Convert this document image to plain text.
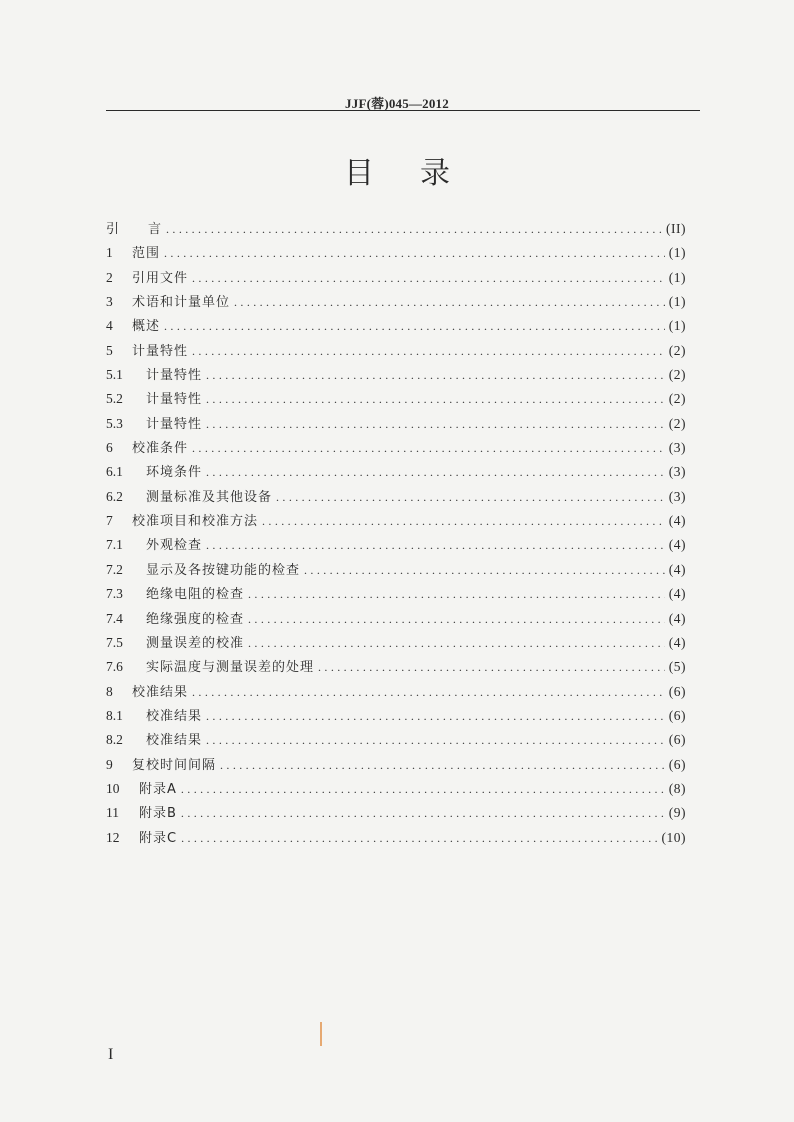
JJF(蓉)045—2012
目 录
引　　言 .....	(II)
1	范围 .....	(1)
2	引用文件 .....	(1)
3	术语和计量单位 .....	(1)
4	概述 .....	(1)
5	计量特性 .....	(2)
5.1	计量特性 .....	(2)
5.2	计量特性 .....	(2)
5.3	计量特性 .....	(2)
6	校准条件 .....	(3)
6.1	环境条件 .....	(3)
6.2	测量标准及其他设备 .....	(3)
7	校准项目和校准方法 .....	(4)
7.1	外观检查 .....	(4)
7.2	显示及各按键功能的检查 .....	(4)
7.3	绝缘电阻的检查 .....	(4)
7.4	绝缘强度的检查 .....	(4)
7.5	测量误差的校准 .....	(4)
7.6	实际温度与测量误差的处理 .....	(5)
8	校准结果 .....	(6)
8.1	校准结果 .....	(6)
8.2	校准结果 .....	(6)
9	复校时间间隔 .....	(6)
10	附录A .....	(8)
11	附录B .....	(9)
12	附录C .....	(10)
I
